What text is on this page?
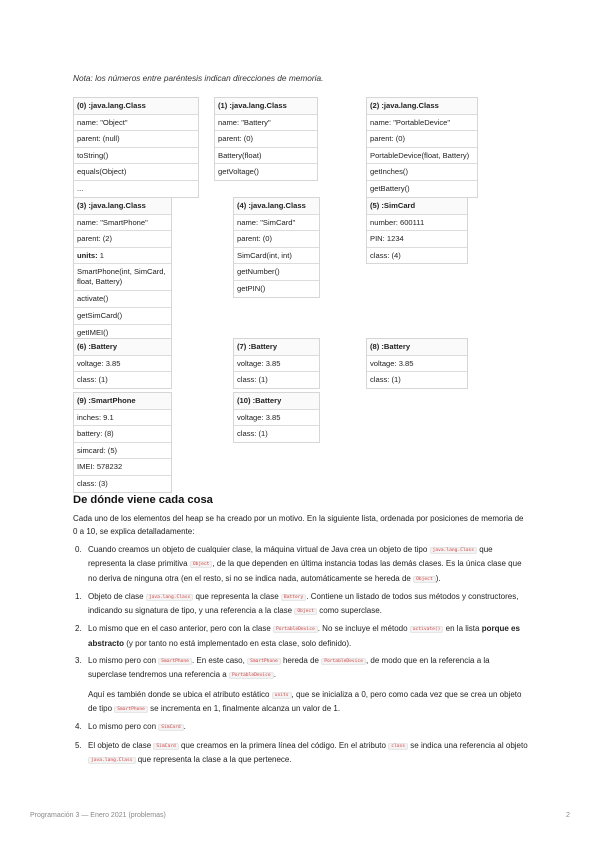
Nota: los números entre paréntesis indican direcciones de memoria.
(0) :java.lang.Class
name: "Object"
parent: (null)
toString()
equals(Object)
...
(1) :java.lang.Class
name: "Battery"
parent: (0)
Battery(float)
getVoltage()
(2) :java.lang.Class
name: "PortableDevice"
parent: (0)
PortableDevice(float, Battery)
getInches()
getBattery()
(3) :java.lang.Class
name: "SmartPhone"
parent: (2)
units: 1
SmartPhone(int, SimCard, float, Battery)
activate()
getSimCard()
getIMEI()
(4) :java.lang.Class
name: "SimCard"
parent: (0)
SimCard(int, int)
getNumber()
getPIN()
(5) :SimCard
number: 600111
PIN: 1234
class: (4)
(6) :Battery
voltage: 3.85
class: (1)
(7) :Battery
voltage: 3.85
class: (1)
(8) :Battery
voltage: 3.85
class: (1)
(9) :SmartPhone
inches: 9.1
battery: (8)
simcard: (5)
IMEI: 578232
class: (3)
(10) :Battery
voltage: 3.85
class: (1)
De dónde viene cada cosa
Cada uno de los elementos del heap se ha creado por un motivo. En la siguiente lista, ordenada por posiciones de memoria de 0 a 10, se explica detalladamente:
0. Cuando creamos un objeto de cualquier clase, la máquina virtual de Java crea un objeto de tipo java.lang.Class que representa la clase primitiva Object , de la que dependen en última instancia todas las demás clases. Es la única clase que no deriva de ninguna otra (en el resto, si no se indica nada, automáticamente se hereda de Object ).
1. Objeto de clase java.lang.Class que representa la clase Battery . Contiene un listado de todos sus métodos y constructores, indicando su signatura de tipo, y una referencia a la clase Object como superclase.
2. Lo mismo que en el caso anterior, pero con la clase PortableDevice . No se incluye el método activate() en la lista porque es abstracto (y por tanto no está implementado en esta clase, solo definido).
3. Lo mismo pero con SmartPhone . En este caso, SmartPhone hereda de PortableDevice , de modo que en la referencia a la superclase tendremos una referencia a PortableDevice .

Aquí es también donde se ubica el atributo estático units , que se inicializa a 0, pero como cada vez que se crea un objeto de tipo SmartPhone se incrementa en 1, finalmente alcanza un valor de 1.

4. Lo mismo pero con SimCard .
5. El objeto de clase SimCard que creamos en la primera línea del código. En el atributo class se indica una referencia al objeto java.lang.Class que representa la clase a la que pertenece.
Programación 3 — Enero 2021 (problemas)	2
